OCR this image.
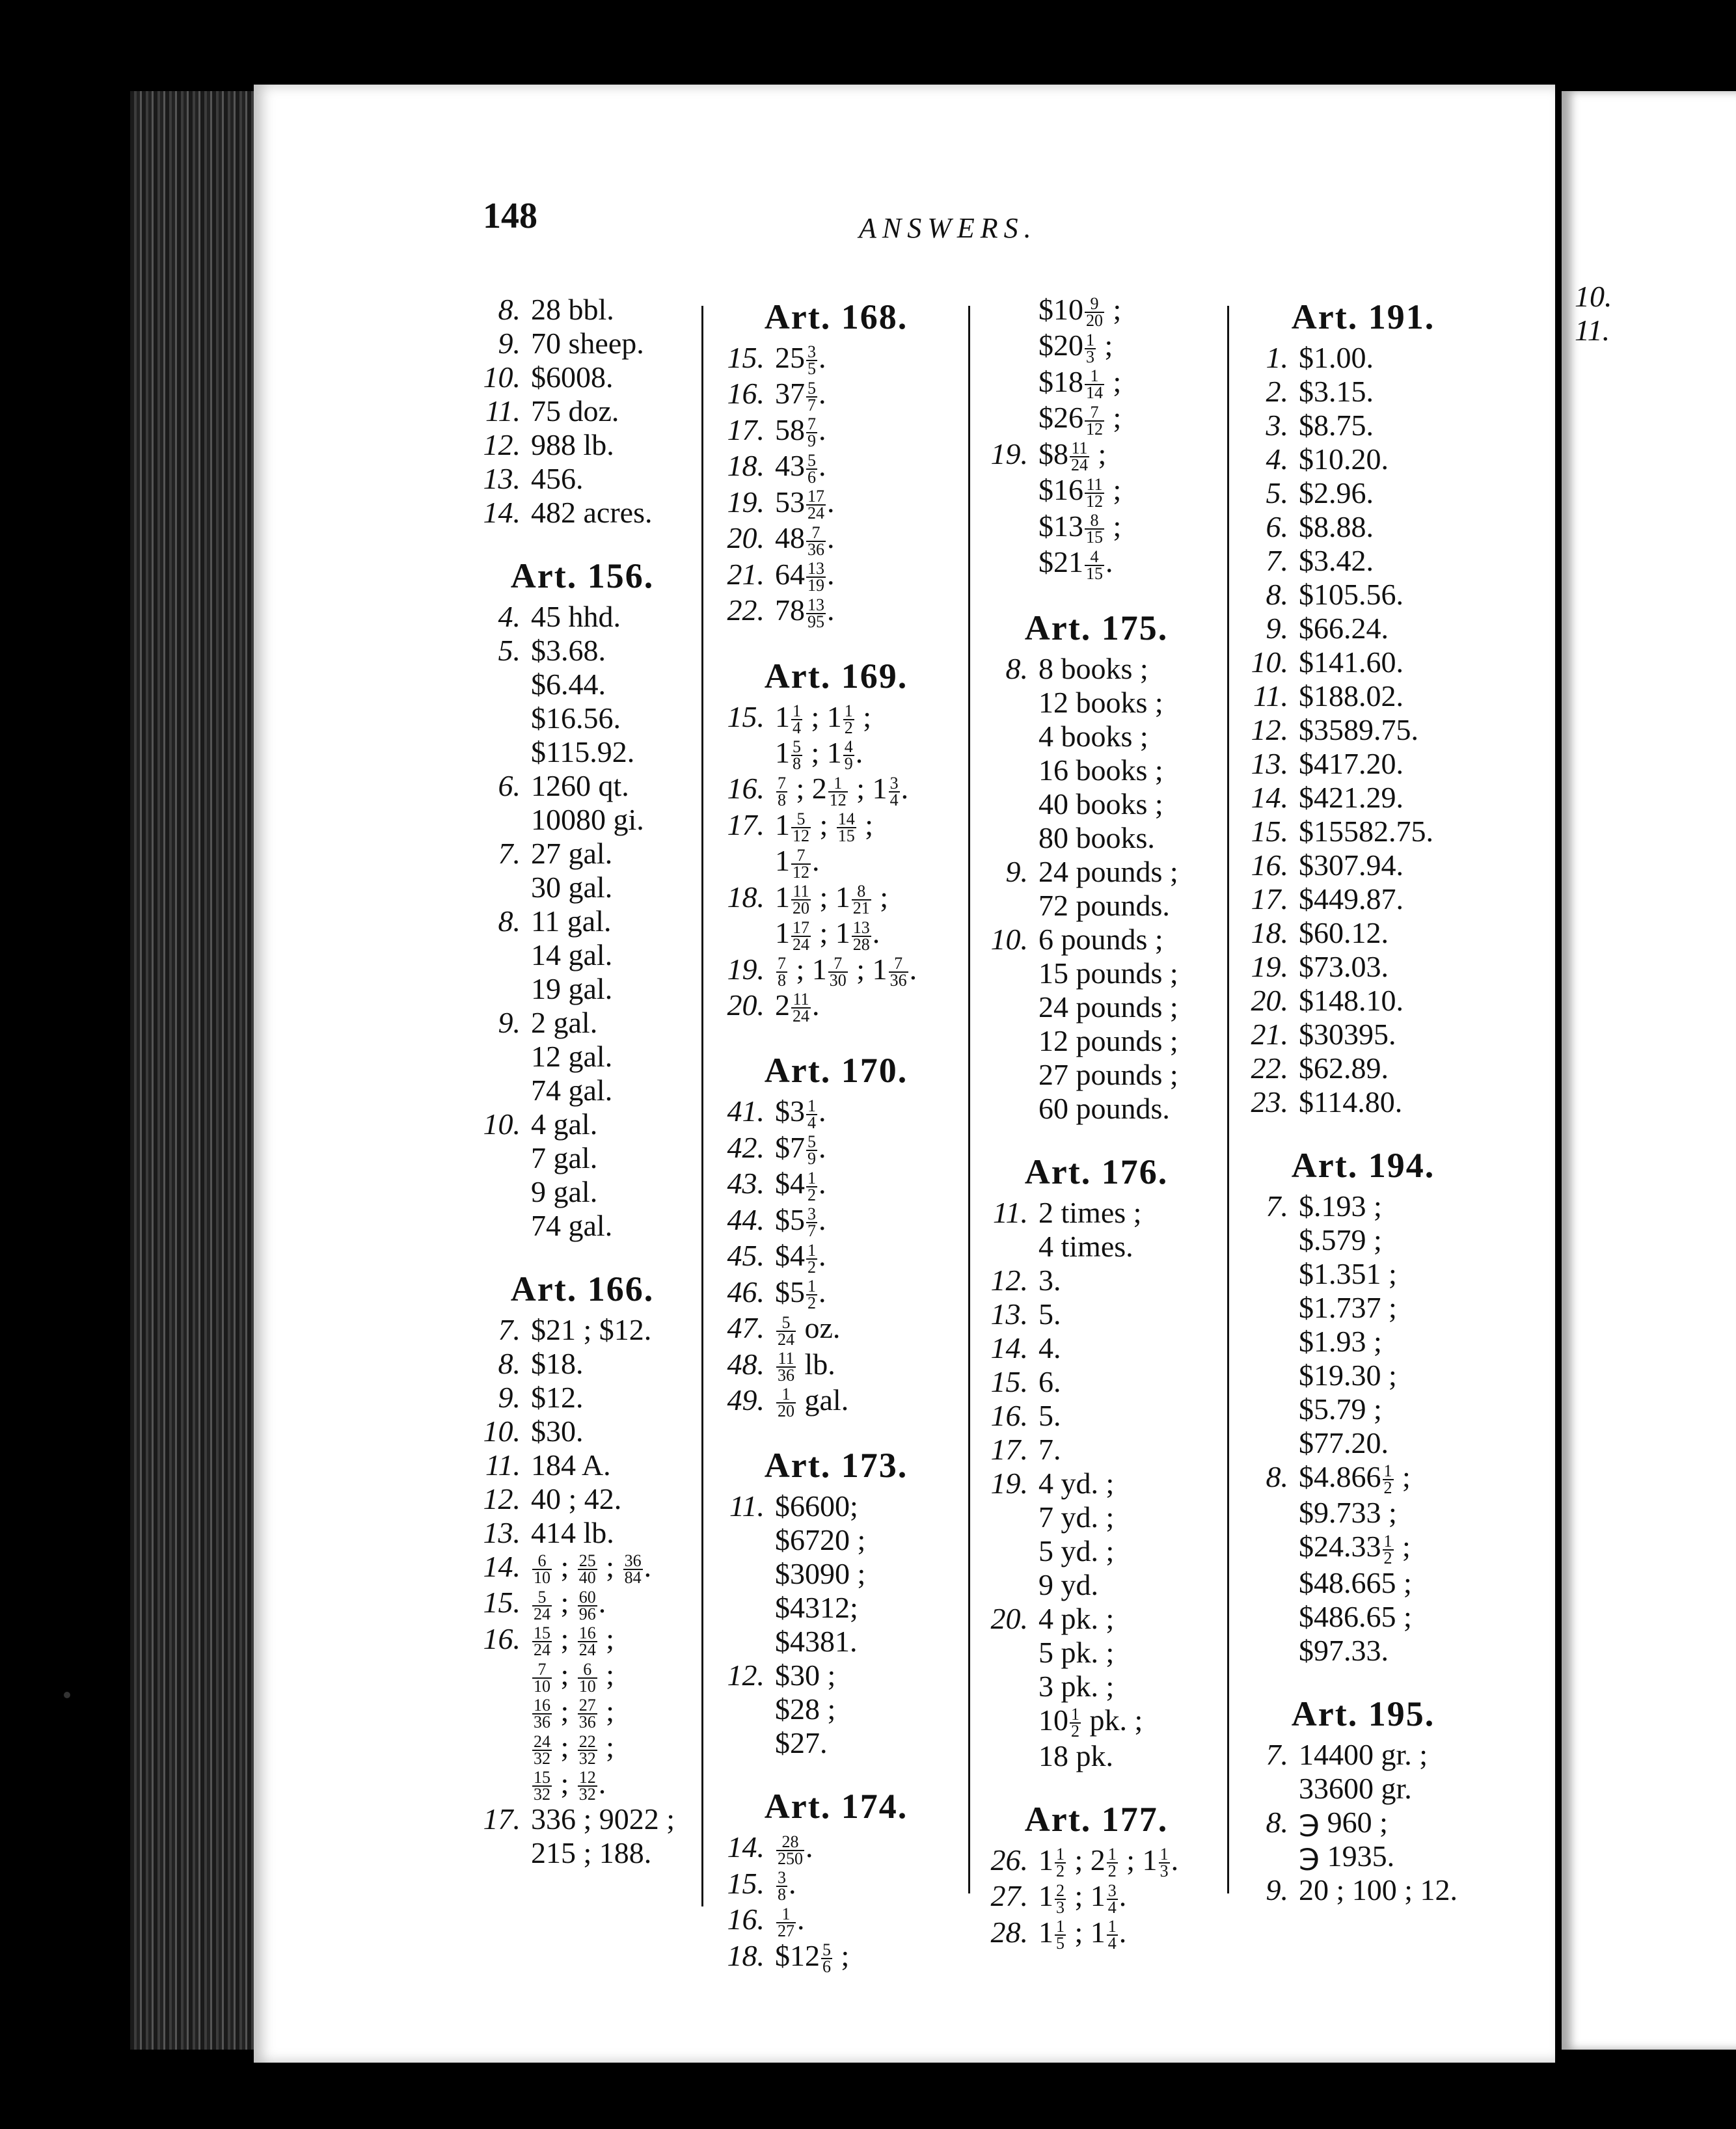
148	ANSWERS.
8. 28 bbl.
9. 70 sheep.
10. $6008.
11. 75 doz.
12. 988 lb.
13. 456.
14. 482 acres.
Art. 156.
4. 45 hhd.
5. $3.68.
$6.44.
$16.56.
$115.92.
6. 1260 qt.
10080 gi.
7. 27 gal.
30 gal.
8. 11 gal.
14 gal.
19 gal.
9. 2 gal.
12 gal.
74 gal.
10. 4 gal.
7 gal.
9 gal.
74 gal.
Art. 166.
7. $21 ; $12.
8. $18.
9. $12.
10. $30.
11. 184 A.
12. 40 ; 42.
13. 414 lb.
14. $\frac{6}{10}$ ; $\frac{25}{40}$ ; $\frac{36}{84}$ .
15. $\frac{5}{24}$ ; $\frac{60}{96}$ .
16. $\frac{15}{24}$ ; $\frac{16}{24}$ ;
$\frac{7}{10}$ ; $\frac{6}{10}$ ;
$\frac{16}{36}$ ; $\frac{27}{36}$ ;
$\frac{24}{32}$ ; $\frac{22}{32}$ ;
$\frac{15}{32}$ ; $\frac{12}{32}$ .
17. 336 ; 9022 ;
215 ; 188.
Art. 168.
15. $25 \frac{3}{5}$ .
16. $37 \frac{5}{7}$ .
17. $58 \frac{7}{9}$ .
18. $43 \frac{5}{6}$ .
19. $53 \frac{17}{24}$ .
20. $48 \frac{7}{36}$ .
21. $64 \frac{13}{19}$ .
22. $78 \frac{13}{95}$ .
Art. 169.
15. $1 \frac{1}{4}$ ; $1 \frac{1}{2}$ ;
$1 \frac{5}{8}$ ; $1 \frac{4}{9}$ .
16. $\frac{7}{8}$ ; $2 \frac{1}{12}$ ; $1 \frac{3}{4}$ .
17. $1 \frac{5}{12}$ ; $\frac{14}{15}$ ;
$1 \frac{7}{12}$ .
18. $1 \frac{11}{20}$ ; $1 \frac{8}{21}$ ;
$1 \frac{17}{24}$ ; $1 \frac{13}{28}$ .
19. $\frac{7}{8}$ ; $1 \frac{7}{30}$ ; $1 \frac{7}{36}$ .
20. $2 \frac{11}{24}$ .
Art. 170.
41. $3 $\frac{1}{4}$ .
42. $7 $\frac{5}{9}$ .
43. $4 $\frac{1}{2}$ .
44. $5 $\frac{3}{7}$ .
45. $4 $\frac{1}{2}$ .
46. $5 $\frac{1}{2}$ .
47. $\frac{5}{24}$ oz.
48. $\frac{11}{36}$ lb.
49. $\frac{1}{20}$ gal.
Art. 173.
11. $6600;
$6720 ;
$3090 ;
$4312;
$4381.
12. $30 ;
$28 ;
$27.
Art. 174.
14. $\frac{28}{250}$ .
15. $\frac{3}{8}$ .
16. $\frac{1}{27}$ .
18. $12 $\frac{5}{6}$ ;
$10 $\frac{9}{20}$ ;
$20 $\frac{1}{3}$ ;
$18 $\frac{1}{14}$ ;
$26 $\frac{7}{12}$ ;
19. $8 $\frac{11}{24}$ ;
$16 $\frac{11}{12}$ ;
$13 $\frac{8}{15}$ ;
$21 $\frac{4}{15}$ .
Art. 175.
8. 8 books ;
12 books ;
4 books ;
16 books ;
40 books ;
80 books.
9. 24 pounds ;
72 pounds.
10. 6 pounds ;
15 pounds ;
24 pounds ;
12 pounds ;
27 pounds ;
60 pounds.
Art. 176.
11. 2 times ;
4 times.
12. 3.
13. 5.
14. 4.
15. 6.
16. 5.
17. 7.
19. 4 yd. ;
7 yd. ;
5 yd. ;
9 yd.
20. 4 pk. ;
5 pk. ;
3 pk. ;
$10 \frac{1}{2}$ pk. ;
18 pk.
Art. 177.
26. $1 \frac{1}{2}$ ; $2 \frac{1}{2}$ ; $1 \frac{1}{3}$ .
27. $1 \frac{2}{3}$ ; $1 \frac{3}{4}$ .
28. $1 \frac{1}{5}$ ; $1 \frac{1}{4}$ .
Art. 191.
1. $1.00.
2. $3.15.
3. $8.75.
4. $10.20.
5. $2.96.
6. $8.88.
7. $3.42.
8. $105.56.
9. $66.24.
10. $141.60.
11. $188.02.
12. $3589.75.
13. $417.20.
14. $421.29.
15. $15582.75.
16. $307.94.
17. $449.87.
18. $60.12.
19. $73.03.
20. $148.10.
21. $30395.
22. $62.89.
23. $114.80.
Art. 194.
7. $.193 ;
$.579 ;
$1.351 ;
$1.737 ;
$1.93 ;
$19.30 ;
$5.79 ;
$77.20.
8. $4.866 $\frac{1}{2}$ ;
$9.733 ;
$24.33 $\frac{1}{2}$ ;
$48.665 ;
$486.65 ;
$97.33.
Art. 195.
7. 14400 gr. ;
33600 gr.
8. ℈ 960 ;
℈ 1935.
9. 20 ; 100 ; 12.
10.
11.
